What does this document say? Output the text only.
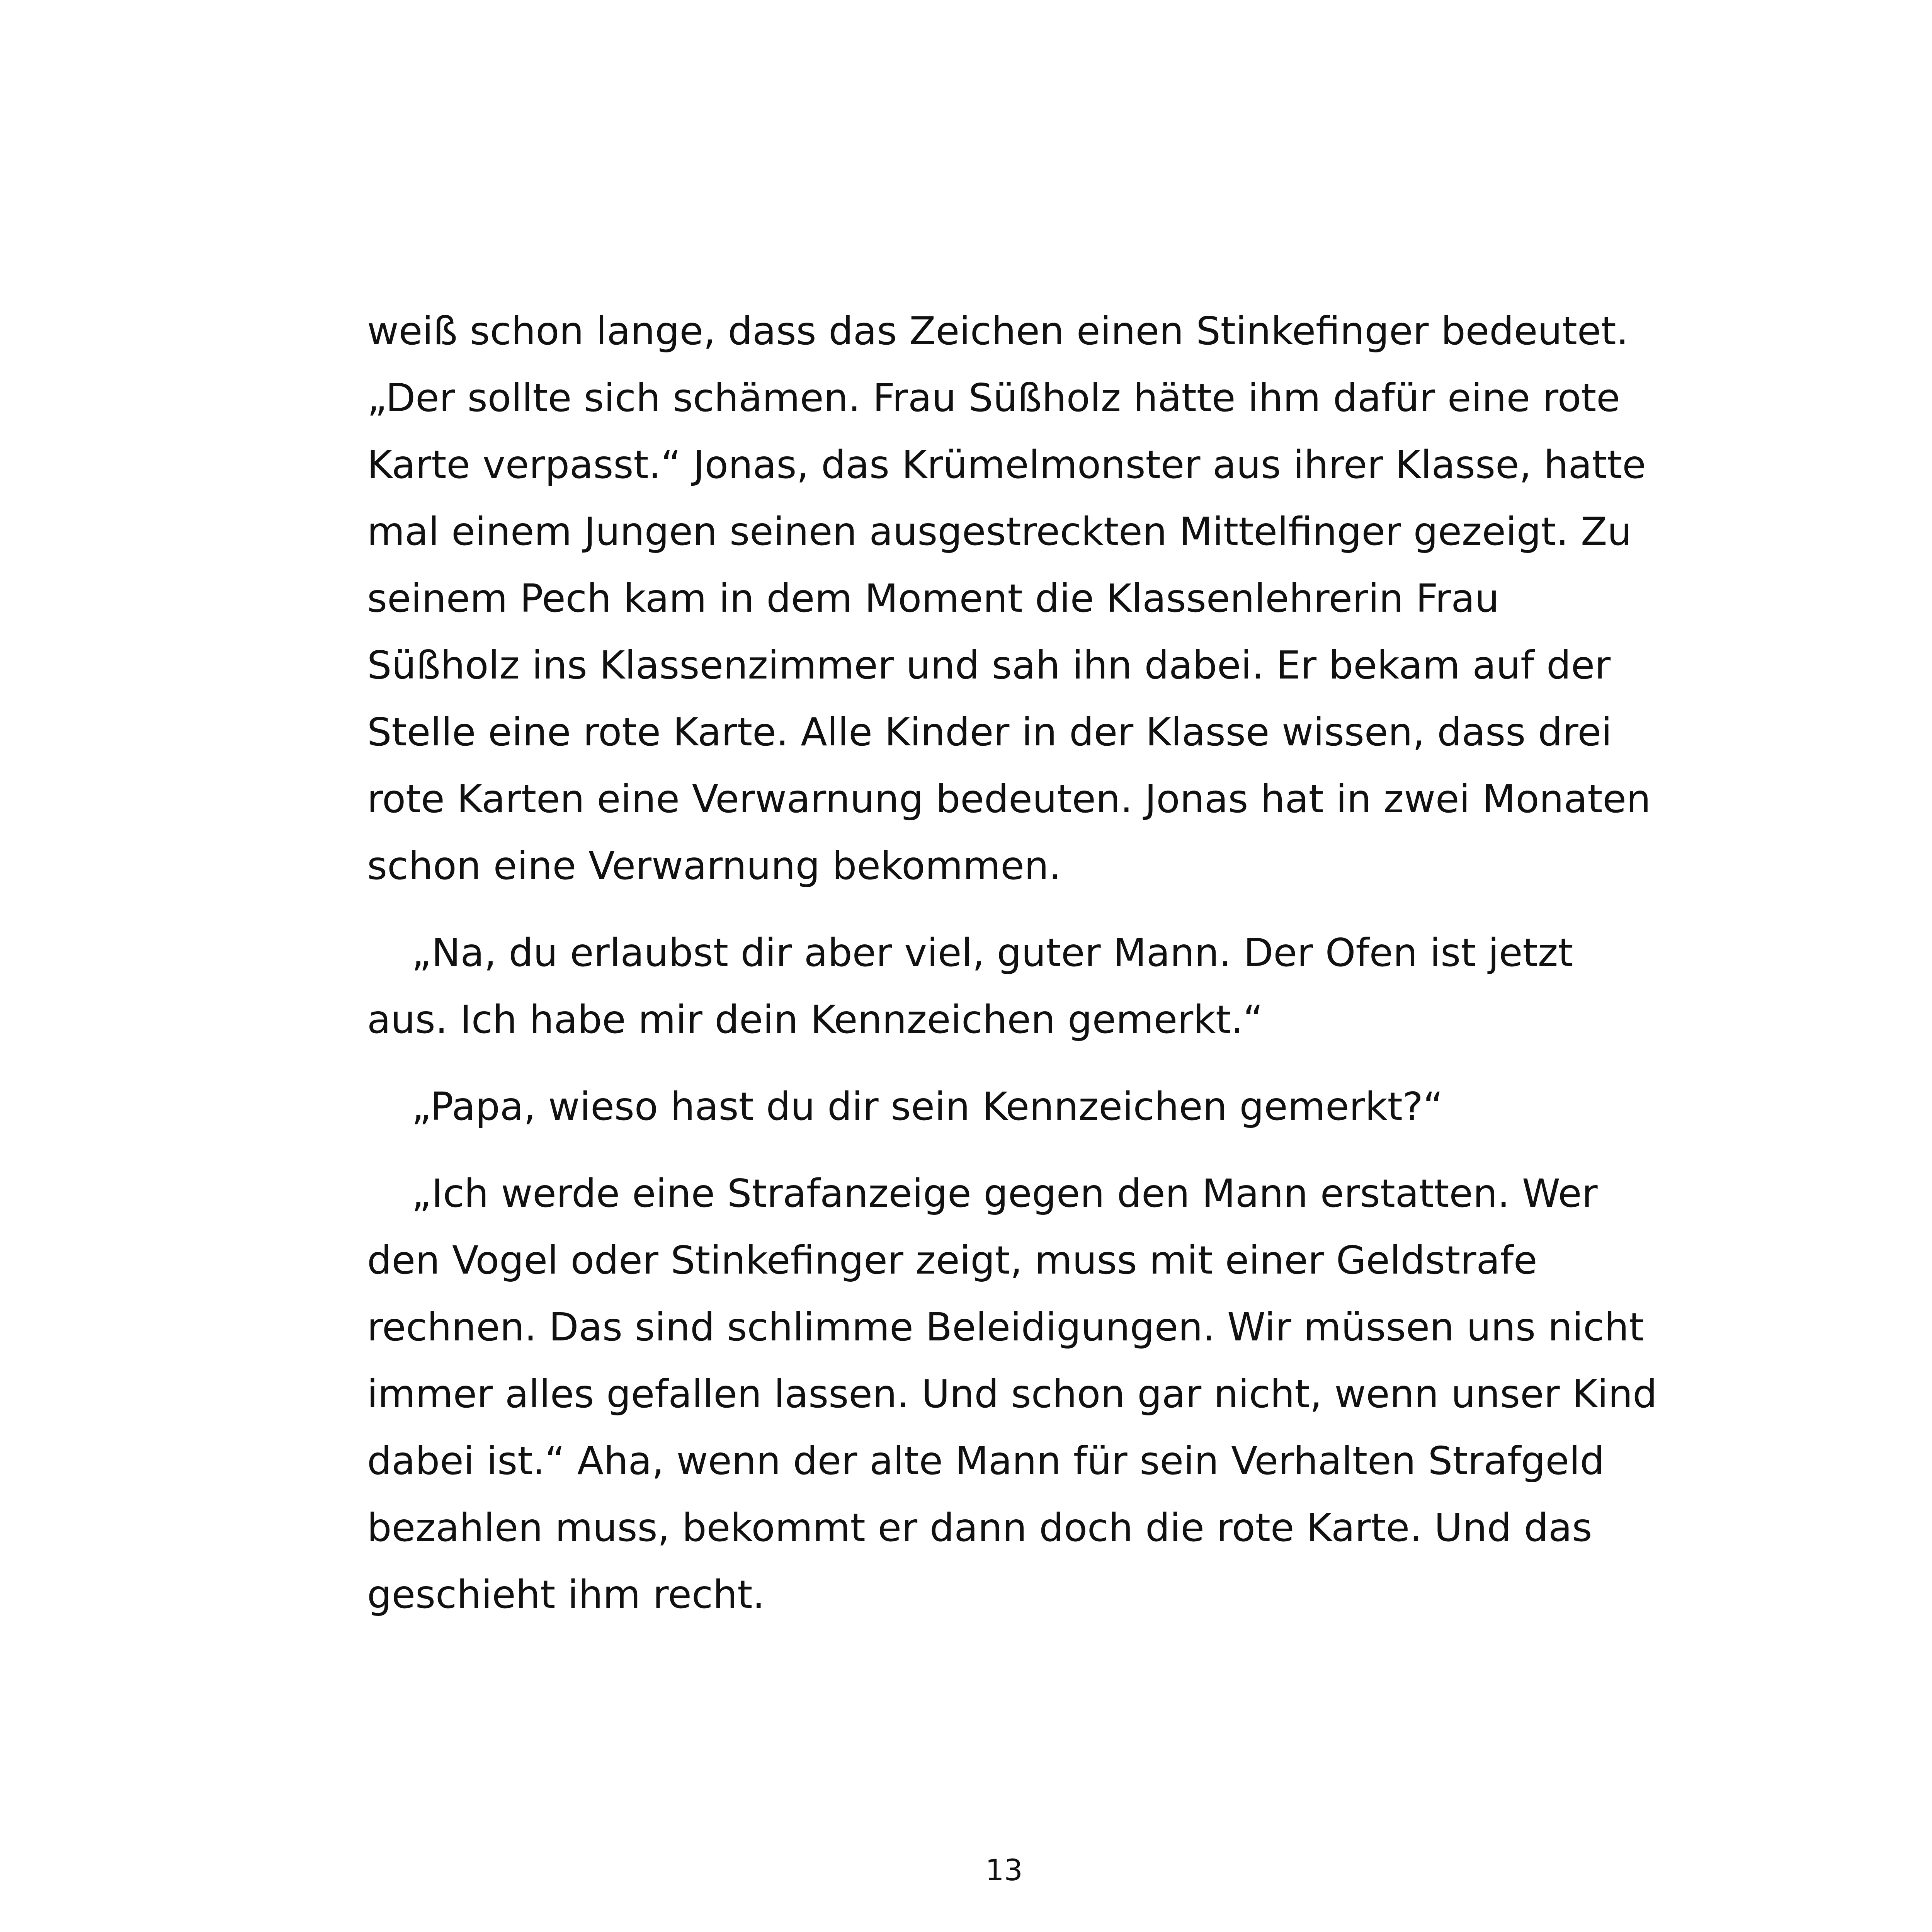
weiß schon lange, dass das Zeichen einen Stinkefinger bedeutet.
„Der sollte sich schämen. Frau Süßholz hätte ihm dafür eine rote
Karte verpasst.“ Jonas, das Krümelmonster aus ihrer Klasse, hatte
mal einem Jungen seinen ausgestreckten Mittelfinger gezeigt. Zu
seinem Pech kam in dem Moment die Klassenlehrerin Frau
Süßholz ins Klassenzimmer und sah ihn dabei. Er bekam auf der
Stelle eine rote Karte. Alle Kinder in der Klasse wissen, dass drei
rote Karten eine Verwarnung bedeuten. Jonas hat in zwei Monaten
schon eine Verwarnung bekommen.
„Na, du erlaubst dir aber viel, guter Mann. Der Ofen ist jetzt
aus. Ich habe mir dein Kennzeichen gemerkt.“
„Papa, wieso hast du dir sein Kennzeichen gemerkt?“
„Ich werde eine Strafanzeige gegen den Mann erstatten. Wer
den Vogel oder Stinkefinger zeigt, muss mit einer Geldstrafe
rechnen. Das sind schlimme Beleidigungen. Wir müssen uns nicht
immer alles gefallen lassen. Und schon gar nicht, wenn unser Kind
dabei ist.“ Aha, wenn der alte Mann für sein Verhalten Strafgeld
bezahlen muss, bekommt er dann doch die rote Karte. Und das
geschieht ihm recht.
13
